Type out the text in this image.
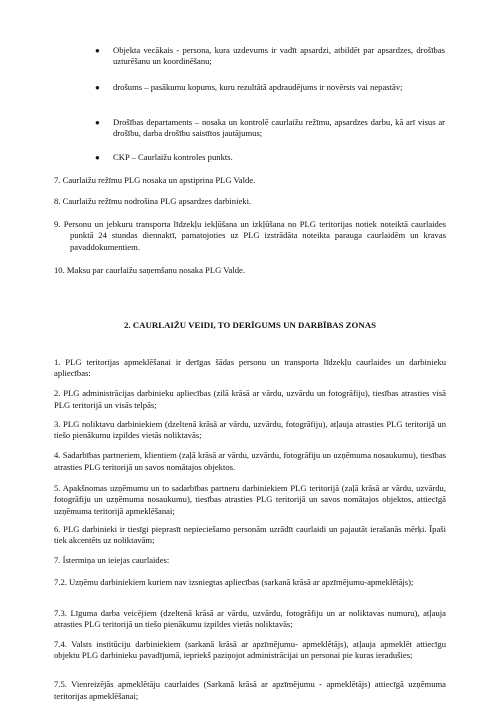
● Objekta vecākais - persona, kura uzdevums ir vadīt apsardzi, atbildēt par apsardzes, drošības uzturēšanu un koordinēšanu;

● drošums – pasākumu kopums, kuru rezultātā apdraudējums ir novērsts vai nepastāv;

● Drošības departaments – nosaka un kontrolē caurlaižu režīmu, apsardzes darbu, kā arī visus ar drošību, darba drošību saistītos jautājumus;

● CKP – Caurlaižu kontroles punkts.

7. Caurlaižu režīmu PLG nosaka un apstiprina PLG Valde.

8. Caurlaižu režīmu nodrošina PLG apsardzes darbinieki.

9. Personu un jebkuru transporta līdzekļu iekļūšana un izkļūšana no PLG teritorijas notiek noteiktā caurlaides punktā 24 stundas diennaktī, pamatojoties uz PLG izstrādāta noteikta parauga caurlaidēm un kravas pavaddokumentiem.

10. Maksu par caurlaižu saņemšanu nosaka PLG Valde.

2. CAURLAIŽU VEIDI, TO DERĪGUMS UN DARBĪBAS ZONAS

1. PLG teritorijas apmeklēšanai ir derīgas šādas personu un transporta līdzekļu caurlaides un darbinieku apliecības:

2. PLG administrācijas darbinieku apliecības (zilā krāsā ar vārdu, uzvārdu un fotogrāfiju), tiesības atrasties visā PLG teritorijā un visās telpās;

3. PLG noliktavu darbiniekiem (dzeltenā krāsā ar vārdu, uzvārdu, fotogrāfiju), atļauja atrasties PLG teritorijā un tiešo pienākumu izpildes vietās noliktavās;

4. Sadarbības partneriem, klientiem (zaļā krāsā ar vārdu, uzvārdu, fotogrāfiju un uzņēmuma nosaukumu), tiesības atrasties PLG teritorijā un savos nomātajos objektos.

5. Apakšnomas uzņēmumu un to sadarbības partneru darbiniekiem PLG teritorijā (zaļā krāsā ar vārdu, uzvārdu, fotogrāfiju un uzņēmuma nosaukumu), tiesības atrasties PLG teritorijā un savos nomātajos objektos, attiecīgā uzņēmuma teritorijā apmeklēšanai;

6. PLG darbinieki ir tiesīgi pieprasīt nepieciešamo personām uzrādīt caurlaidi un pajautāt ierašanās mērķi. Īpaši tiek akcentēts uz noliktavām;

7. Ístermiņa un ieiejas caurlaides:

7.2. Uzņēmu darbiniekiem kuriem nav izsniegtas apliecības (sarkanā krāsā ar apzīmējumu-apmeklētājs);

7.3. Līguma darba veicējiem (dzeltenā krāsā ar vārdu, uzvārdu, fotogrāfiju un ar noliktavas numuru), atļauja atrasties PLG teritorijā un tiešo pienākumu izpildes vietās noliktavās;

7.4. Valsts institūciju darbiniekiem (sarkanā krāsā ar apzīmējumu- apmeklētājs), atļauja apmeklēt attiecīgu objektu PLG darbinieku pavadījumā, iepriekš paziņojot administrācijai un personai pie kuras ieradušies;

7.5. Vienreizējās apmeklētāju caurlaides (Sarkanā krāsā ar apzīmējumu - apmeklētājs) attiecīgā uzņēmuma teritorijas apmeklēšanai;
